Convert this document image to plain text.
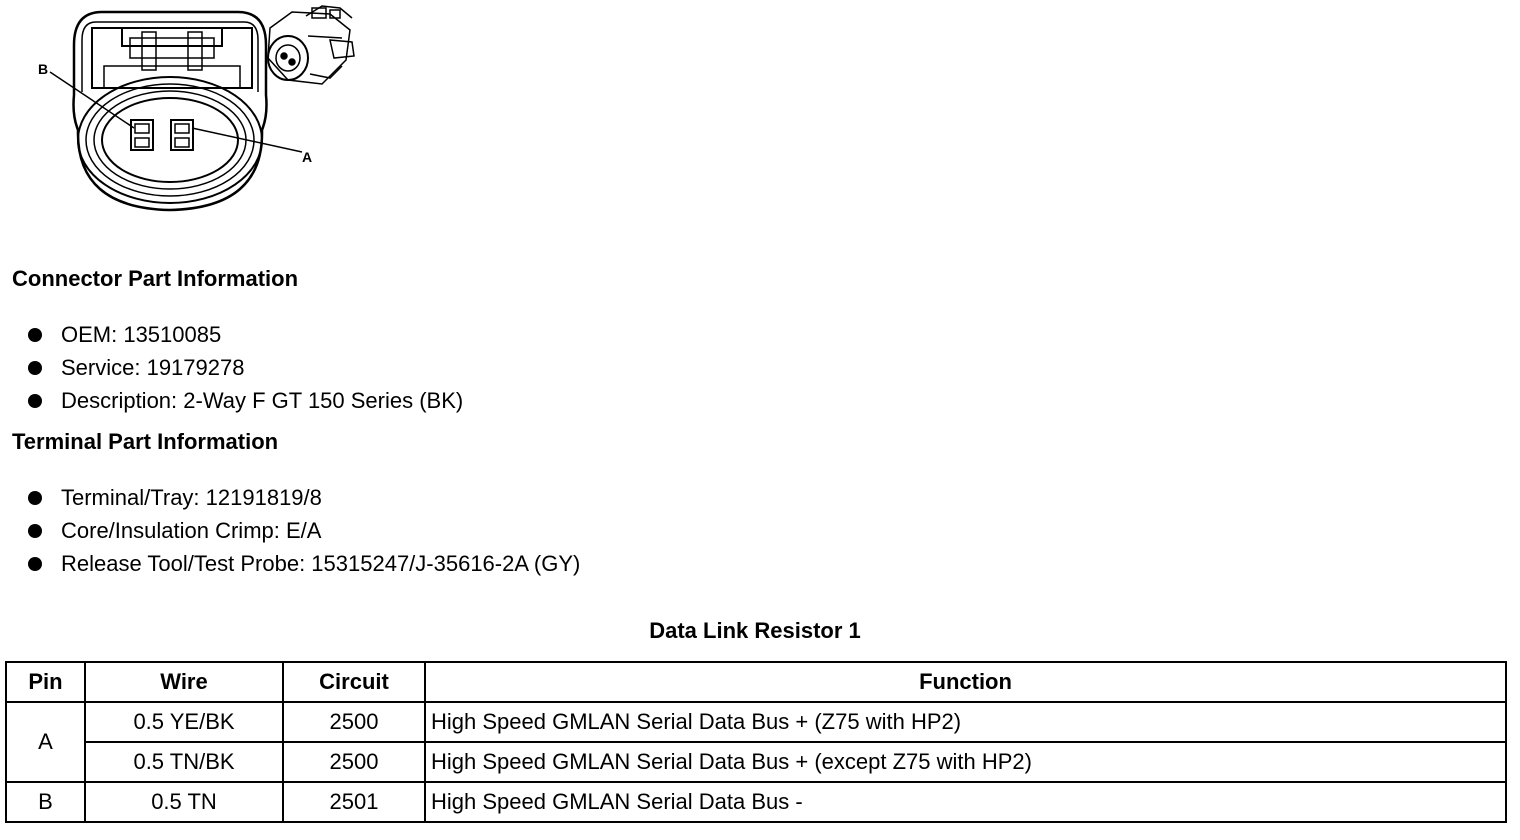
B
A
Connector Part Information
OEM: 13510085
Service: 19179278
Description: 2-Way F GT 150 Series (BK)
Terminal Part Information
Terminal/Tray: 12191819/8
Core/Insulation Crimp: E/A
Release Tool/Test Probe: 15315247/J-35616-2A (GY)
Data Link Resistor 1
Pin	Wire	Circuit	Function
A	0.5 YE/BK	2500	High Speed GMLAN Serial Data Bus + (Z75 with HP2)
	0.5 TN/BK	2500	High Speed GMLAN Serial Data Bus + (except Z75 with HP2)
B	0.5 TN	2501	High Speed GMLAN Serial Data Bus -
